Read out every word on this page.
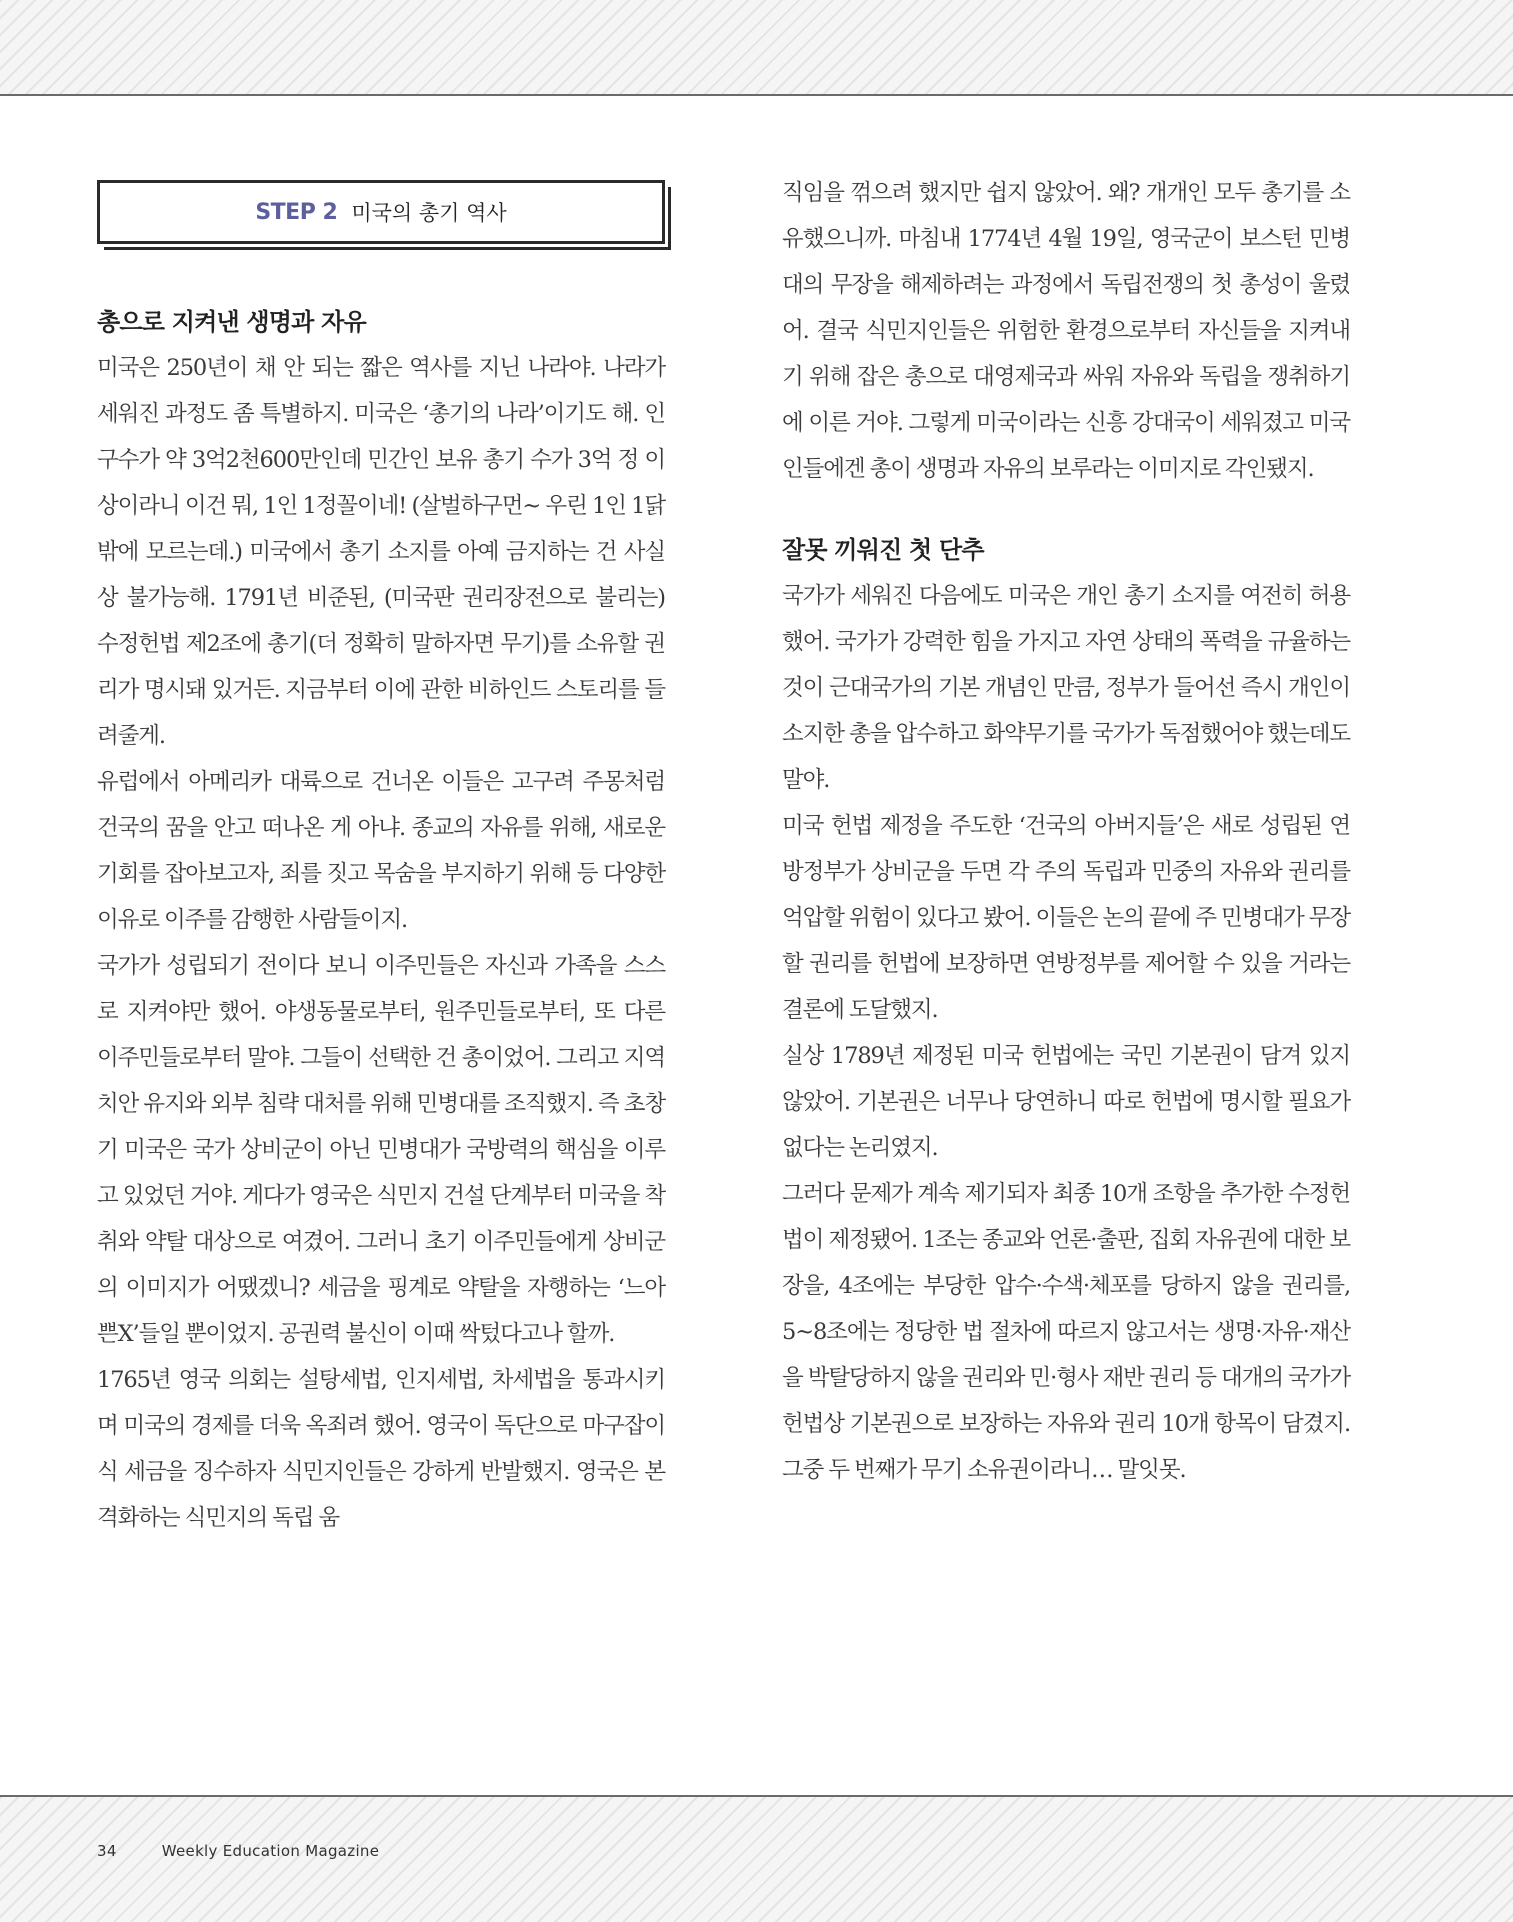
STEP 2 미국의 총기 역사
총으로 지켜낸 생명과 자유

미국은 250년이 채 안 되는 짧은 역사를 지닌 나라야. 나라가 세워진 과정도 좀 특별하지. 미국은 ‘총기의 나라’이기도 해. 인구수가 약 3억2천600만인데 민간인 보유 총기 수가 3억 정 이상이라니 이건 뭐, 1인 1정꼴이네! (살벌하구먼~ 우린 1인 1닭밖에 모르는데.) 미국에서 총기 소지를 아예 금지하는 건 사실상 불가능해. 1791년 비준된, (미국판 권리장전으로 불리는) 수정헌법 제2조에 총기(더 정확히 말하자면 무기)를 소유할 권리가 명시돼 있거든. 지금부터 이에 관한 비하인드 스토리를 들려줄게.

유럽에서 아메리카 대륙으로 건너온 이들은 고구려 주몽처럼 건국의 꿈을 안고 떠나온 게 아냐. 종교의 자유를 위해, 새로운 기회를 잡아보고자, 죄를 짓고 목숨을 부지하기 위해 등 다양한 이유로 이주를 감행한 사람들이지.

국가가 성립되기 전이다 보니 이주민들은 자신과 가족을 스스로 지켜야만 했어. 야생동물로부터, 원주민들로부터, 또 다른 이주민들로부터 말야. 그들이 선택한 건 총이었어. 그리고 지역 치안 유지와 외부 침략 대처를 위해 민병대를 조직했지. 즉 초창기 미국은 국가 상비군이 아닌 민병대가 국방력의 핵심을 이루고 있었던 거야. 게다가 영국은 식민지 건설 단계부터 미국을 착취와 약탈 대상으로 여겼어. 그러니 초기 이주민들에게 상비군의 이미지가 어땠겠니? 세금을 핑계로 약탈을 자행하는 ‘느아쁜X’들일 뿐이었지. 공권력 불신이 이때 싹텄다고나 할까.

1765년 영국 의회는 설탕세법, 인지세법, 차세법을 통과시키며 미국의 경제를 더욱 옥죄려 했어. 영국이 독단으로 마구잡이식 세금을 징수하자 식민지인들은 강하게 반발했지. 영국은 본격화하는 식민지의 독립 움

직임을 꺾으려 했지만 쉽지 않았어. 왜? 개개인 모두 총기를 소유했으니까. 마침내 1774년 4월 19일, 영국군이 보스턴 민병대의 무장을 해제하려는 과정에서 독립전쟁의 첫 총성이 울렸어. 결국 식민지인들은 위험한 환경으로부터 자신들을 지켜내기 위해 잡은 총으로 대영제국과 싸워 자유와 독립을 쟁취하기에 이른 거야. 그렇게 미국이라는 신흥 강대국이 세워졌고 미국인들에겐 총이 생명과 자유의 보루라는 이미지로 각인됐지.

잘못 끼워진 첫 단추

국가가 세워진 다음에도 미국은 개인 총기 소지를 여전히 허용했어. 국가가 강력한 힘을 가지고 자연 상태의 폭력을 규율하는 것이 근대국가의 기본 개념인 만큼, 정부가 들어선 즉시 개인이 소지한 총을 압수하고 화약무기를 국가가 독점했어야 했는데도 말야.

미국 헌법 제정을 주도한 ‘건국의 아버지들’은 새로 성립된 연방정부가 상비군을 두면 각 주의 독립과 민중의 자유와 권리를 억압할 위험이 있다고 봤어. 이들은 논의 끝에 주 민병대가 무장할 권리를 헌법에 보장하면 연방정부를 제어할 수 있을 거라는 결론에 도달했지.

실상 1789년 제정된 미국 헌법에는 국민 기본권이 담겨 있지 않았어. 기본권은 너무나 당연하니 따로 헌법에 명시할 필요가 없다는 논리였지.

그러다 문제가 계속 제기되자 최종 10개 조항을 추가한 수정헌법이 제정됐어. 1조는 종교와 언론·출판, 집회 자유권에 대한 보장을, 4조에는 부당한 압수·수색·체포를 당하지 않을 권리를, 5~8조에는 정당한 법 절차에 따르지 않고서는 생명·자유·재산을 박탈당하지 않을 권리와 민·형사 재반 권리 등 대개의 국가가 헌법상 기본권으로 보장하는 자유와 권리 10개 항목이 담겼지. 그중 두 번째가 무기 소유권이라니… 말잇못.

34	Weekly Education Magazine
